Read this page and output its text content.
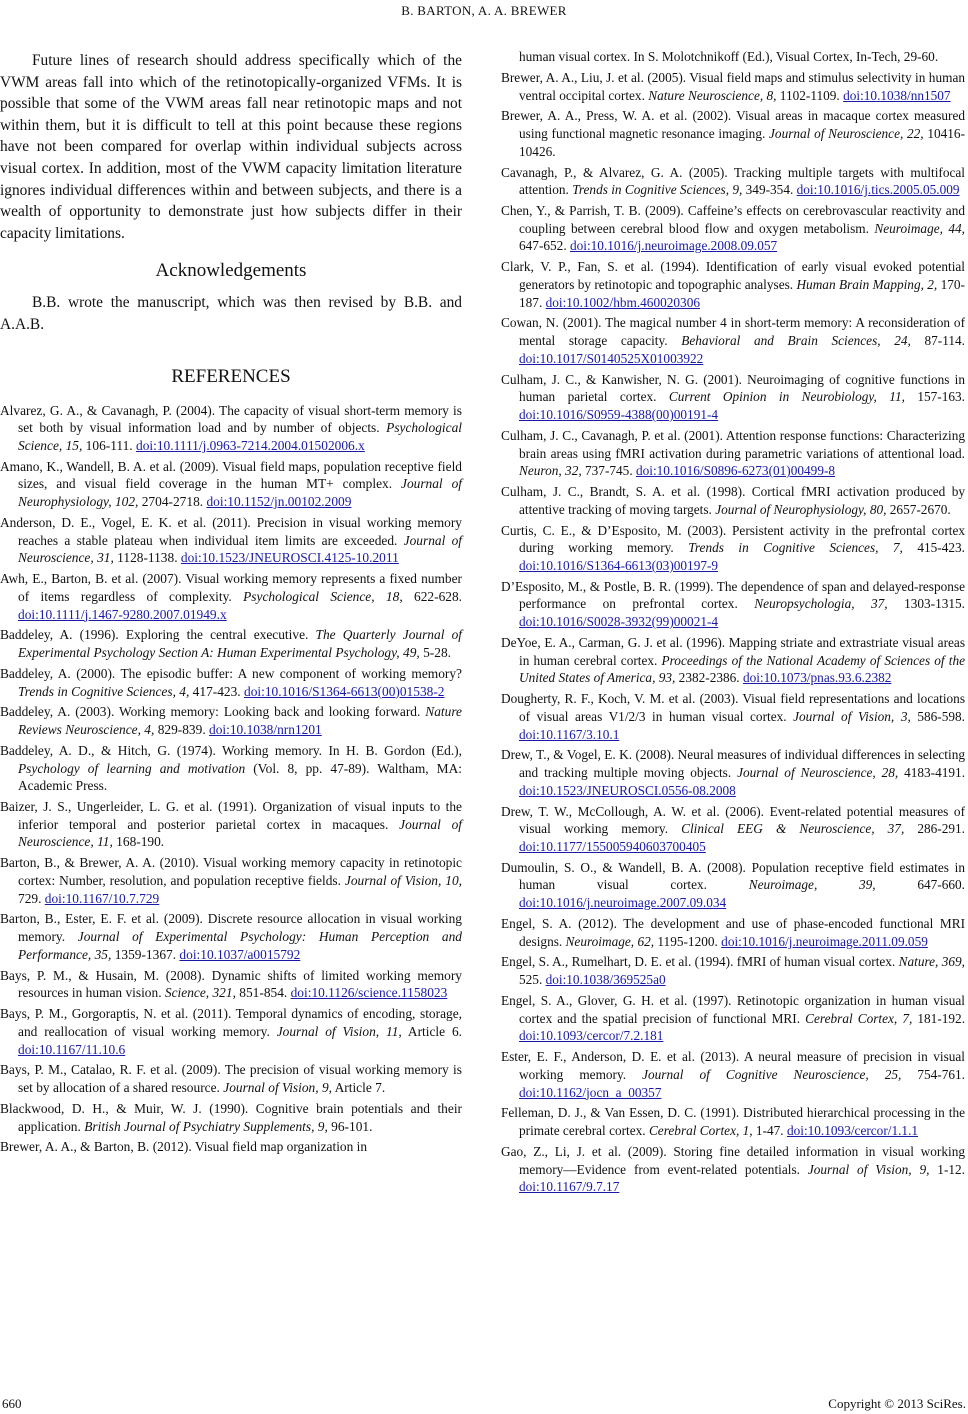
B. BARTON, A. A. BREWER

Future lines of research should address specifically which of the VWM areas fall into which of the retinotopically-organized VFMs. It is possible that some of the VWM areas fall near retinotopic maps and not within them, but it is difficult to tell at this point because these regions have not been compared for overlap within individual subjects across visual cortex. In addition, most of the VWM capacity limitation literature ignores individual differences within and between subjects, and there is a wealth of opportunity to demonstrate just how subjects differ in their capacity limitations.

Acknowledgements

B.B. wrote the manuscript, which was then revised by B.B. and A.A.B.

REFERENCES

Alvarez, G. A., & Cavanagh, P. (2004). The capacity of visual short-term memory is set both by visual information load and by number of objects. Psychological Science, 15, 106-111. doi:10.1111/j.0963-7214.2004.01502006.x

Amano, K., Wandell, B. A. et al. (2009). Visual field maps, population receptive field sizes, and visual field coverage in the human MT+ complex. Journal of Neurophysiology, 102, 2704-2718. doi:10.1152/jn.00102.2009

Anderson, D. E., Vogel, E. K. et al. (2011). Precision in visual working memory reaches a stable plateau when individual item limits are exceeded. Journal of Neuroscience, 31, 1128-1138. doi:10.1523/JNEUROSCI.4125-10.2011

Awh, E., Barton, B. et al. (2007). Visual working memory represents a fixed number of items regardless of complexity. Psychological Science, 18, 622-628. doi:10.1111/j.1467-9280.2007.01949.x

Baddeley, A. (1996). Exploring the central executive. The Quarterly Journal of Experimental Psychology Section A: Human Experimental Psychology, 49, 5-28.

Baddeley, A. (2000). The episodic buffer: A new component of working memory? Trends in Cognitive Sciences, 4, 417-423. doi:10.1016/S1364-6613(00)01538-2

Baddeley, A. (2003). Working memory: Looking back and looking forward. Nature Reviews Neuroscience, 4, 829-839. doi:10.1038/nrn1201

Baddeley, A. D., & Hitch, G. (1974). Working memory. In H. B. Gordon (Ed.), Psychology of learning and motivation (Vol. 8, pp. 47-89). Waltham, MA: Academic Press.

Baizer, J. S., Ungerleider, L. G. et al. (1991). Organization of visual inputs to the inferior temporal and posterior parietal cortex in macaques. Journal of Neuroscience, 11, 168-190.

Barton, B., & Brewer, A. A. (2010). Visual working memory capacity in retinotopic cortex: Number, resolution, and population receptive fields. Journal of Vision, 10, 729. doi:10.1167/10.7.729

Barton, B., Ester, E. F. et al. (2009). Discrete resource allocation in visual working memory. Journal of Experimental Psychology: Human Perception and Performance, 35, 1359-1367. doi:10.1037/a0015792

Bays, P. M., & Husain, M. (2008). Dynamic shifts of limited working memory resources in human vision. Science, 321, 851-854. doi:10.1126/science.1158023

Bays, P. M., Gorgoraptis, N. et al. (2011). Temporal dynamics of encoding, storage, and reallocation of visual working memory. Journal of Vision, 11, Article 6. doi:10.1167/11.10.6

Bays, P. M., Catalao, R. F. et al. (2009). The precision of visual working memory is set by allocation of a shared resource. Journal of Vision, 9, Article 7.

Blackwood, D. H., & Muir, W. J. (1990). Cognitive brain potentials and their application. British Journal of Psychiatry Supplements, 9, 96-101.

Brewer, A. A., & Barton, B. (2012). Visual field map organization in

human visual cortex. In S. Molotchnikoff (Ed.), Visual Cortex, In-Tech, 29-60.

Brewer, A. A., Liu, J. et al. (2005). Visual field maps and stimulus selectivity in human ventral occipital cortex. Nature Neuroscience, 8, 1102-1109. doi:10.1038/nn1507

Brewer, A. A., Press, W. A. et al. (2002). Visual areas in macaque cortex measured using functional magnetic resonance imaging. Journal of Neuroscience, 22, 10416-10426.

Cavanagh, P., & Alvarez, G. A. (2005). Tracking multiple targets with multifocal attention. Trends in Cognitive Sciences, 9, 349-354. doi:10.1016/j.tics.2005.05.009

Chen, Y., & Parrish, T. B. (2009). Caffeine’s effects on cerebrovascular reactivity and coupling between cerebral blood flow and oxygen metabolism. Neuroimage, 44, 647-652. doi:10.1016/j.neuroimage.2008.09.057

Clark, V. P., Fan, S. et al. (1994). Identification of early visual evoked potential generators by retinotopic and topographic analyses. Human Brain Mapping, 2, 170-187. doi:10.1002/hbm.460020306

Cowan, N. (2001). The magical number 4 in short-term memory: A reconsideration of mental storage capacity. Behavioral and Brain Sciences, 24, 87-114. doi:10.1017/S0140525X01003922

Culham, J. C., & Kanwisher, N. G. (2001). Neuroimaging of cognitive functions in human parietal cortex. Current Opinion in Neurobiology, 11, 157-163. doi:10.1016/S0959-4388(00)00191-4

Culham, J. C., Cavanagh, P. et al. (2001). Attention response functions: Characterizing brain areas using fMRI activation during parametric variations of attentional load. Neuron, 32, 737-745. doi:10.1016/S0896-6273(01)00499-8

Culham, J. C., Brandt, S. A. et al. (1998). Cortical fMRI activation produced by attentive tracking of moving targets. Journal of Neurophysiology, 80, 2657-2670.

Curtis, C. E., & D’Esposito, M. (2003). Persistent activity in the prefrontal cortex during working memory. Trends in Cognitive Sciences, 7, 415-423. doi:10.1016/S1364-6613(03)00197-9

D’Esposito, M., & Postle, B. R. (1999). The dependence of span and delayed-response performance on prefrontal cortex. Neuropsychologia, 37, 1303-1315. doi:10.1016/S0028-3932(99)00021-4

DeYoe, E. A., Carman, G. J. et al. (1996). Mapping striate and extrastriate visual areas in human cerebral cortex. Proceedings of the National Academy of Sciences of the United States of America, 93, 2382-2386. doi:10.1073/pnas.93.6.2382

Dougherty, R. F., Koch, V. M. et al. (2003). Visual field representations and locations of visual areas V1/2/3 in human visual cortex. Journal of Vision, 3, 586-598. doi:10.1167/3.10.1

Drew, T., & Vogel, E. K. (2008). Neural measures of individual differences in selecting and tracking multiple moving objects. Journal of Neuroscience, 28, 4183-4191. doi:10.1523/JNEUROSCI.0556-08.2008

Drew, T. W., McCollough, A. W. et al. (2006). Event-related potential measures of visual working memory. Clinical EEG & Neuroscience, 37, 286-291. doi:10.1177/155005940603700405

Dumoulin, S. O., & Wandell, B. A. (2008). Population receptive field estimates in human visual cortex. Neuroimage, 39, 647-660. doi:10.1016/j.neuroimage.2007.09.034

Engel, S. A. (2012). The development and use of phase-encoded functional MRI designs. Neuroimage, 62, 1195-1200. doi:10.1016/j.neuroimage.2011.09.059

Engel, S. A., Rumelhart, D. E. et al. (1994). fMRI of human visual cortex. Nature, 369, 525. doi:10.1038/369525a0

Engel, S. A., Glover, G. H. et al. (1997). Retinotopic organization in human visual cortex and the spatial precision of functional MRI. Cerebral Cortex, 7, 181-192. doi:10.1093/cercor/7.2.181

Ester, E. F., Anderson, D. E. et al. (2013). A neural measure of precision in visual working memory. Journal of Cognitive Neuroscience, 25, 754-761. doi:10.1162/jocn_a_00357

Felleman, D. J., & Van Essen, D. C. (1991). Distributed hierarchical processing in the primate cerebral cortex. Cerebral Cortex, 1, 1-47. doi:10.1093/cercor/1.1.1

Gao, Z., Li, J. et al. (2009). Storing fine detailed information in visual working memory—Evidence from event-related potentials. Journal of Vision, 9, 1-12. doi:10.1167/9.7.17

660	Copyright © 2013 SciRes.
